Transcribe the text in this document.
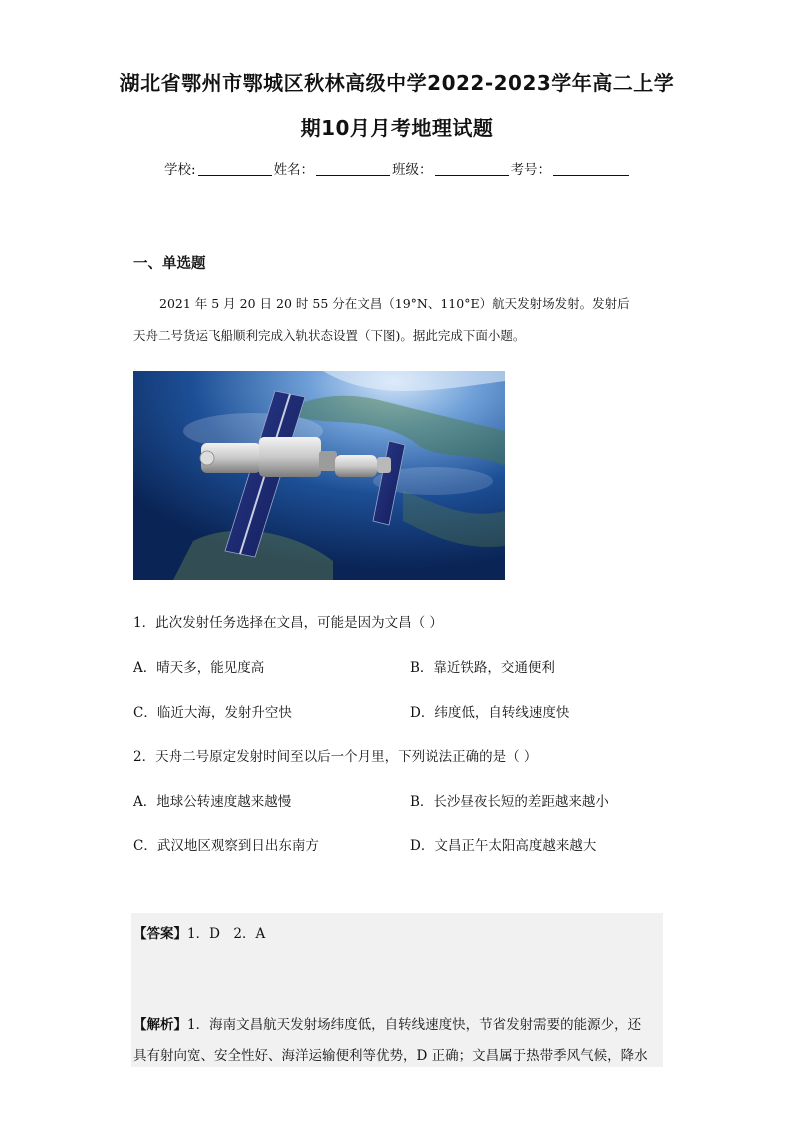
湖北省鄂州市鄂城区秋林高级中学2022-2023学年高二上学
期10月月考地理试题
学校:	姓名：	班级：	考号：
一、单选题
2021 年 5 月 20 日 20 时 55 分在文昌（19°N、110°E）航天发射场发射。发射后
天舟二号货运飞船顺利完成入轨状态设置（下图)。据此完成下面小题。
1．此次发射任务选择在文昌，可能是因为文昌（ ）
A．晴天多，能见度高	B．靠近铁路，交通便利
C．临近大海，发射升空快	D．纬度低，自转线速度快
2．天舟二号原定发射时间至以后一个月里，下列说法正确的是（ ）
A．地球公转速度越来越慢	B．长沙昼夜长短的差距越来越小
C．武汉地区观察到日出东南方	D．文昌正午太阳高度越来越大
【答案】1．D　2．A
【解析】1．海南文昌航天发射场纬度低，自转线速度快，节省发射需要的能源少，还
具有射向宽、安全性好、海洋运输便利等优势，D 正确；文昌属于热带季风气候，降水
